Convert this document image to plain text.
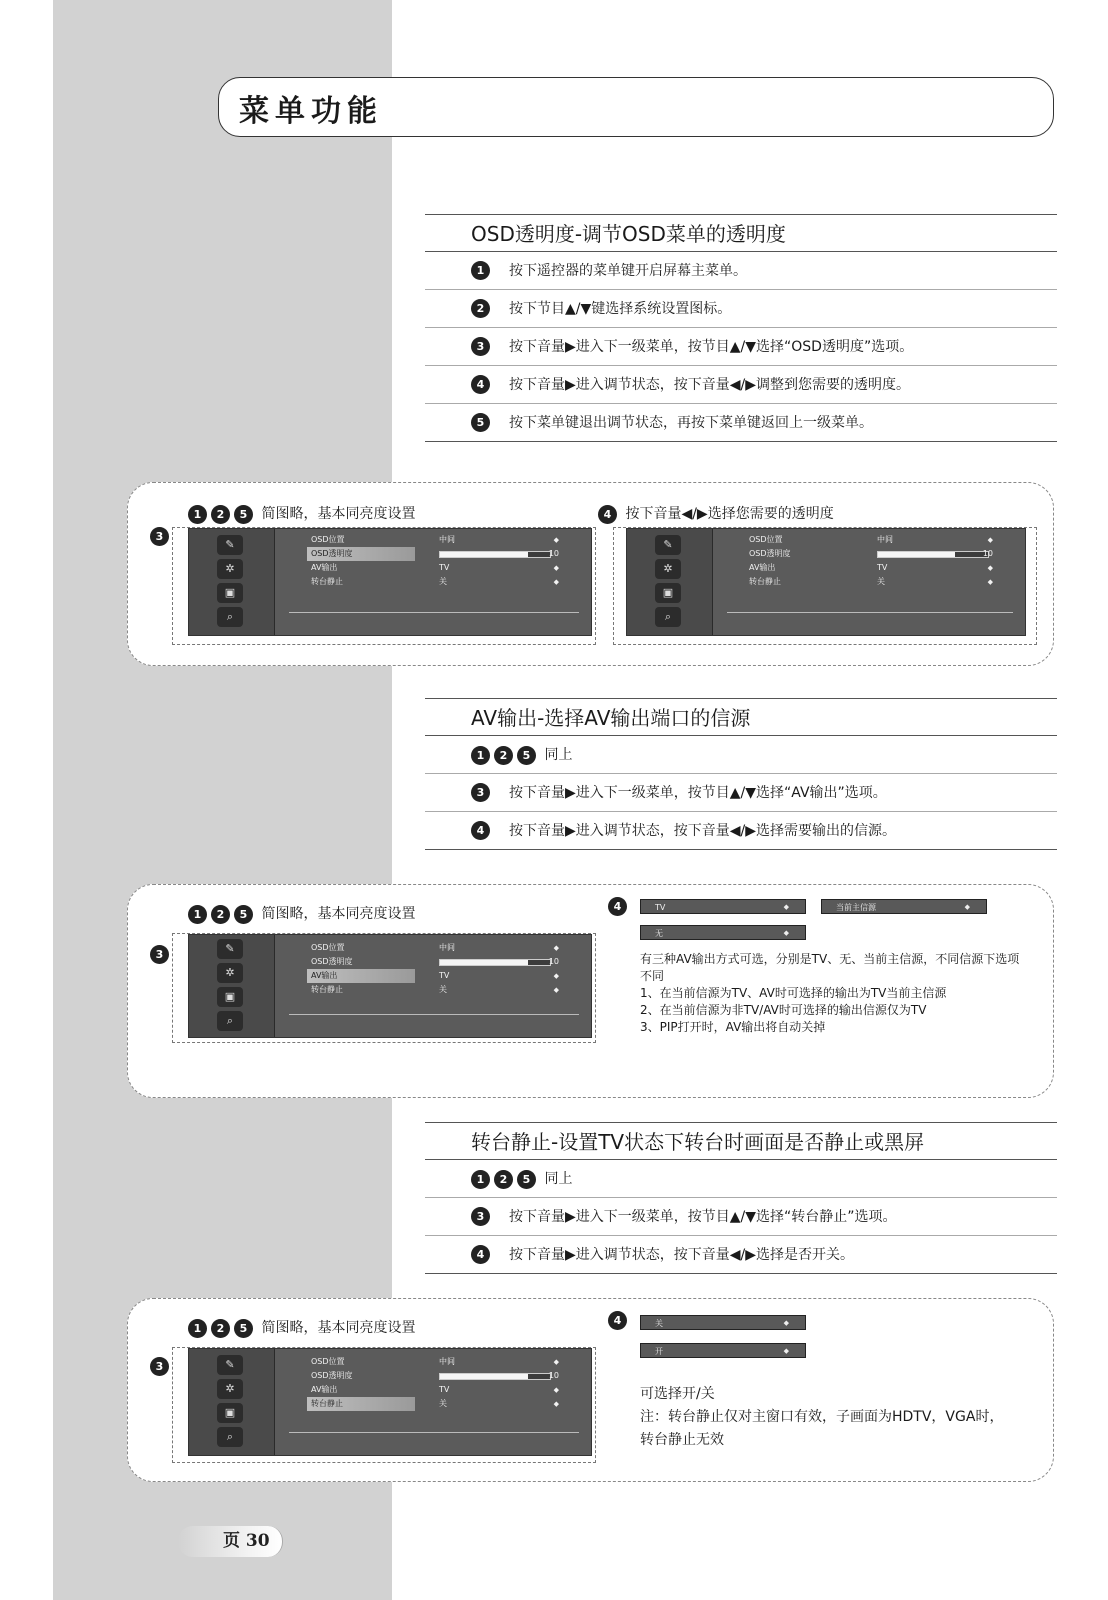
菜单功能
OSD透明度-调节OSD菜单的透明度
1	按下遥控器的菜单键开启屏幕主菜单。
2	按下节目▲/▼键选择系统设置图标。
3	按下音量▶进入下一级菜单，按节目▲/▼选择“OSD透明度”选项。
4	按下音量▶进入调节状态，按下音量◀/▶调整到您需要的透明度。
5	按下菜单键退出调节状态，再按下菜单键返回上一级菜单。
1 2 5 简图略，基本同亮度设置	4 按下音量◀/▶选择您需要的透明度
3
✎
✲
▣
⌕
OSD位置	中间	◆
OSD透明度	10
AV输出	TV	◆
转台静止	关	◆
✎
✲
▣
⌕
OSD位置	中间	◆
OSD透明度	10
AV输出	TV	◆
转台静止	关	◆
AV输出-选择AV输出端口的信源
1 2 5 同上
3	按下音量▶进入下一级菜单，按节目▲/▼选择“AV输出”选项。
4	按下音量▶进入调节状态，按下音量◀/▶选择需要输出的信源。
1 2 5 简图略，基本同亮度设置
3
4
✎
✲
▣
⌕
OSD位置	中间	◆
OSD透明度	10
AV输出	TV	◆
转台静止	关	◆
TV	◆	当前主信源	◆
无	◆
有三种AV输出方式可选，分别是TV、无、当前主信源，不同信源下选项
不同
1、在当前信源为TV、AV时可选择的输出为TV当前主信源
2、在当前信源为非TV/AV时可选择的输出信源仅为TV
3、PIP打开时，AV输出将自动关掉
转台静止-设置TV状态下转台时画面是否静止或黑屏
1 2 5 同上
3	按下音量▶进入下一级菜单，按节目▲/▼选择“转台静止”选项。
4	按下音量▶进入调节状态，按下音量◀/▶选择是否开关。
1 2 5 简图略，基本同亮度设置
3
4
✎
✲
▣
⌕
OSD位置	中间	◆
OSD透明度	10
AV输出	TV	◆
转台静止	关	◆
关	◆
开	◆
可选择开/关
注：转台静止仅对主窗口有效，子画面为HDTV，VGA时，
转台静止无效
页 30
